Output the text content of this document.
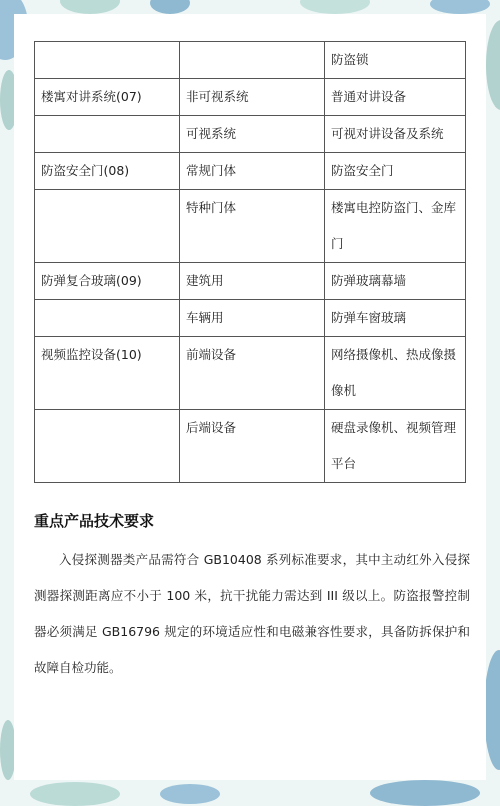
		防盗锁
楼寓对讲系统(07)	非可视系统	普通对讲设备
	可视系统	可视对讲设备及系统
防盗安全门(08)	常规门体	防盗安全门
	特种门体	楼寓电控防盗门、金库门
防弹复合玻璃(09)	建筑用	防弹玻璃幕墙
	车辆用	防弹车窗玻璃
视频监控设备(10)	前端设备	网络摄像机、热成像摄像机
	后端设备	硬盘录像机、视频管理平台
重点产品技术要求

入侵探测器类产品需符合 GB10408 系列标准要求，其中主动红外入侵探测器探测距离应不小于 100 米，抗干扰能力需达到 III 级以上。防盗报警控制器必须满足 GB16796 规定的环境适应性和电磁兼容性要求，具备防拆保护和故障自检功能。
